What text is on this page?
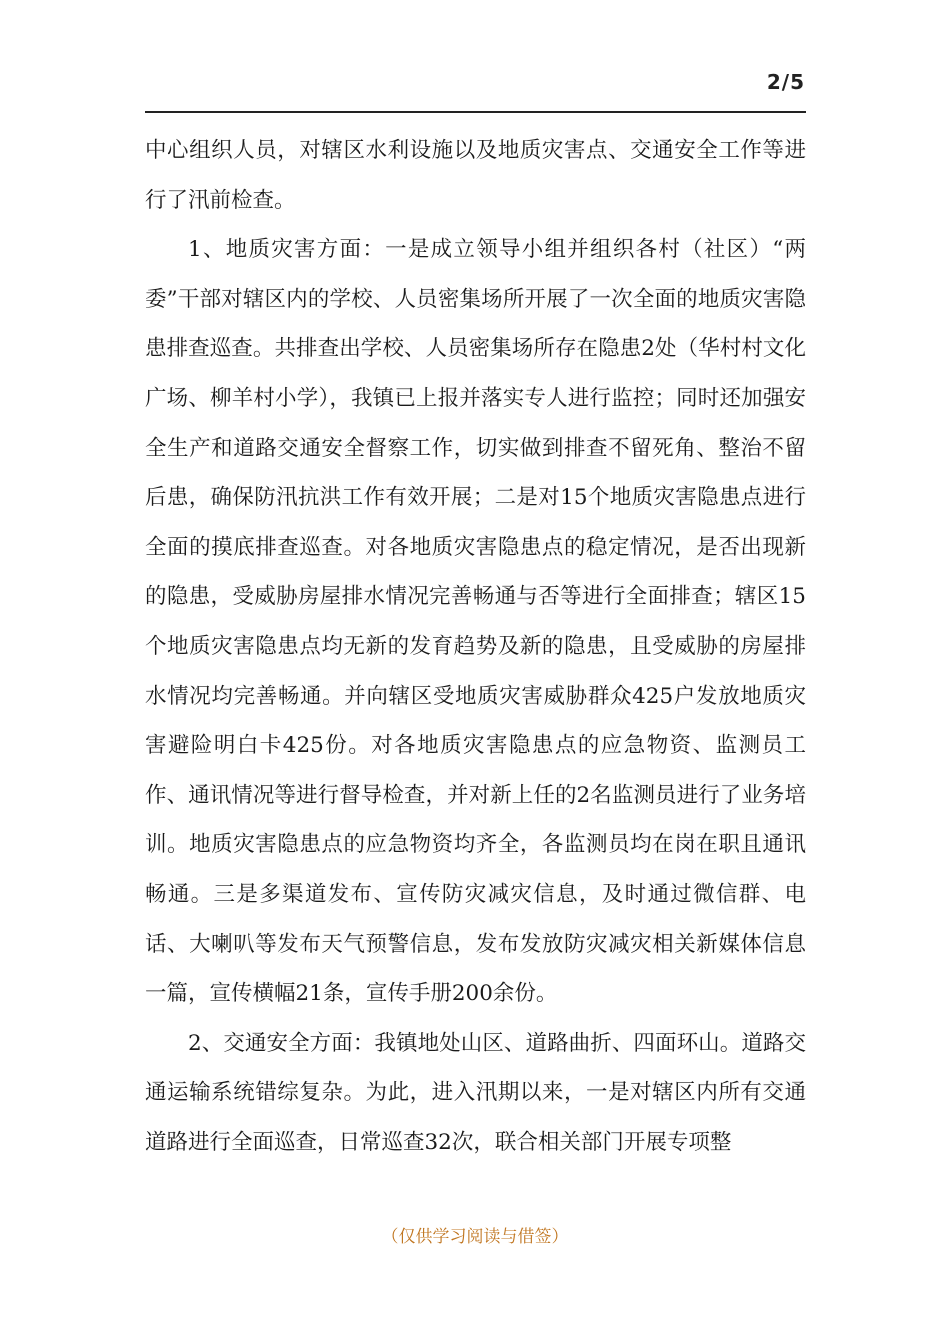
2/5

中心组织人员，对辖区水利设施以及地质灾害点、交通安全工作等进行了汛前检查。

1、地质灾害方面：一是成立领导小组并组织各村（社区）“两委”干部对辖区内的学校、人员密集场所开展了一次全面的地质灾害隐患排查巡查。共排查出学校、人员密集场所存在隐患2处（华村村文化广场、柳羊村小学），我镇已上报并落实专人进行监控；同时还加强安全生产和道路交通安全督察工作，切实做到排查不留死角、整治不留后患，确保防汛抗洪工作有效开展；二是对15个地质灾害隐患点进行全面的摸底排查巡查。对各地质灾害隐患点的稳定情况，是否出现新的隐患，受威胁房屋排水情况完善畅通与否等进行全面排查；辖区15个地质灾害隐患点均无新的发育趋势及新的隐患，且受威胁的房屋排水情况均完善畅通。并向辖区受地质灾害威胁群众425户发放地质灾害避险明白卡425份。对各地质灾害隐患点的应急物资、监测员工作、通讯情况等进行督导检查，并对新上任的2名监测员进行了业务培训。地质灾害隐患点的应急物资均齐全，各监测员均在岗在职且通讯畅通。三是多渠道发布、宣传防灾减灾信息，及时通过微信群、电话、大喇叭等发布天气预警信息，发布发放防灾减灾相关新媒体信息一篇，宣传横幅21条，宣传手册200余份。

2、交通安全方面：我镇地处山区、道路曲折、四面环山。道路交通运输系统错综复杂。为此，进入汛期以来，一是对辖区内所有交通道路进行全面巡查，日常巡查32次，联合相关部门开展专项整

（仅供学习阅读与借签）
